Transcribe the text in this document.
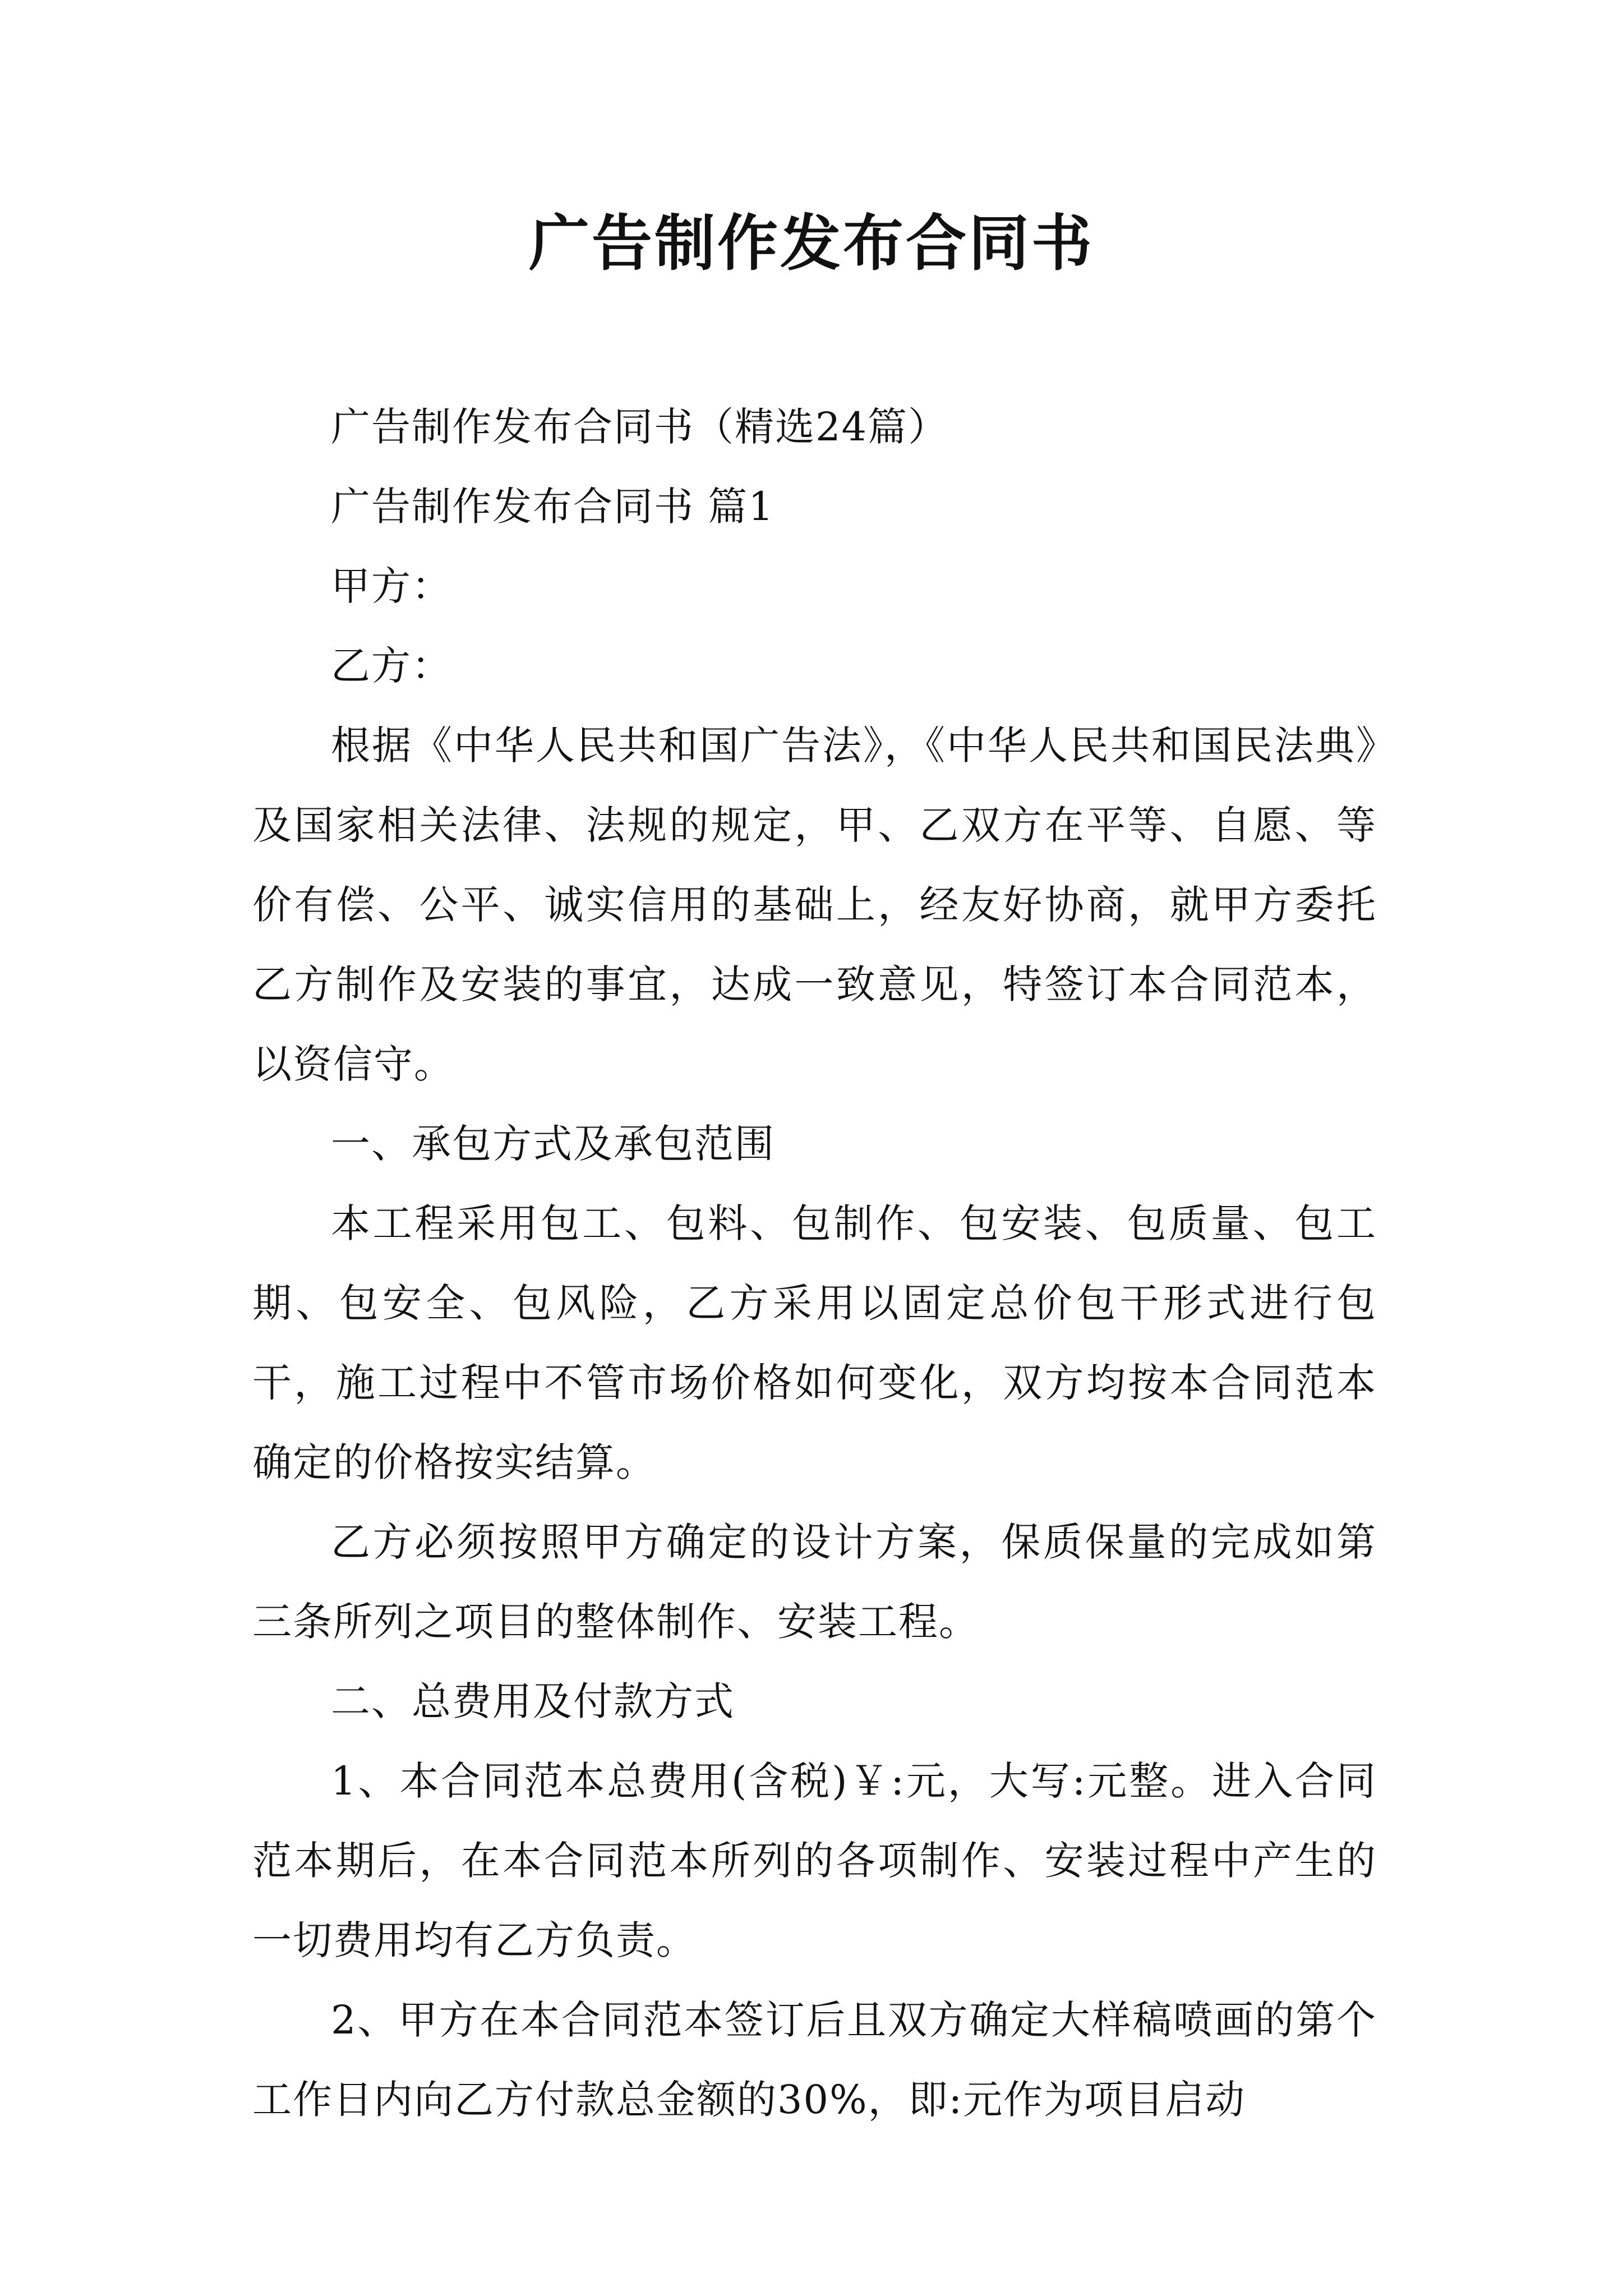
广告制作发布合同书

广告制作发布合同书（精选24篇）

广告制作发布合同书 篇1

甲方：

乙方：

根据《中华人民共和国广告法》，《中华人民共和国民法典》及国家相关法律、法规的规定，甲、乙双方在平等、自愿、等价有偿、公平、诚实信用的基础上，经友好协商，就甲方委托乙方制作及安装的事宜，达成一致意见，特签订本合同范本，以资信守。

一、承包方式及承包范围

本工程采用包工、包料、包制作、包安装、包质量、包工期、包安全、包风险，乙方采用以固定总价包干形式进行包干，施工过程中不管市场价格如何变化，双方均按本合同范本确定的价格按实结算。

乙方必须按照甲方确定的设计方案，保质保量的完成如第三条所列之项目的整体制作、安装工程。

二、总费用及付款方式

1、本合同范本总费用(含税)￥:元，大写:元整。进入合同范本期后，在本合同范本所列的各项制作、安装过程中产生的一切费用均有乙方负责。

2、甲方在本合同范本签订后且双方确定大样稿喷画的第个工作日内向乙方付款总金额的30%，即:元作为项目启动
